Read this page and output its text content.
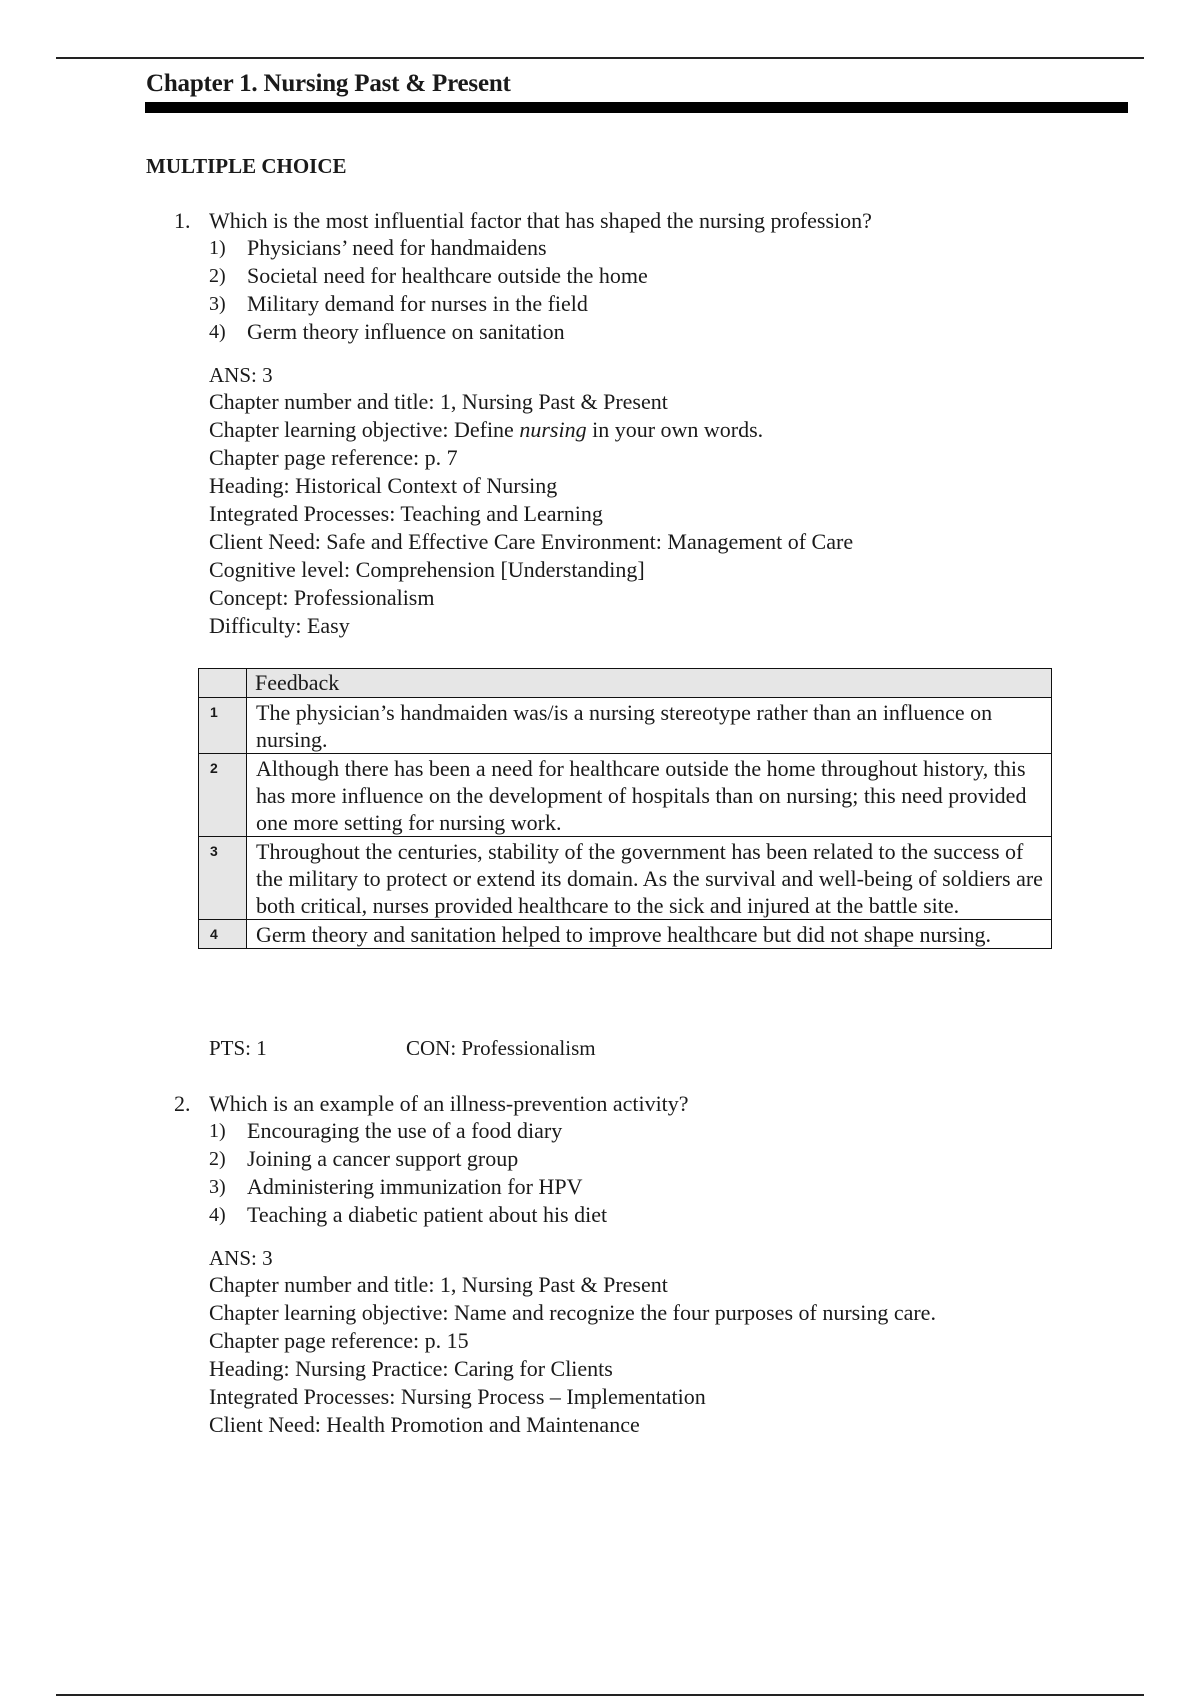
Chapter 1. Nursing Past & Present
MULTIPLE CHOICE
1. Which is the most influential factor that has shaped the nursing profession?
1) Physicians’ need for handmaidens
2) Societal need for healthcare outside the home
3) Military demand for nurses in the field
4) Germ theory influence on sanitation
ANS: 3
Chapter number and title: 1, Nursing Past & Present
Chapter learning objective: Define nursing in your own words.
Chapter page reference: p. 7
Heading: Historical Context of Nursing
Integrated Processes: Teaching and Learning
Client Need: Safe and Effective Care Environment: Management of Care
Cognitive level: Comprehension [Understanding]
Concept: Professionalism
Difficulty: Easy
	Feedback
1	The physician’s handmaiden was/is a nursing stereotype rather than an influence on nursing.
2	Although there has been a need for healthcare outside the home throughout history, this has more influence on the development of hospitals than on nursing; this need provided one more setting for nursing work.
3	Throughout the centuries, stability of the government has been related to the success of the military to protect or extend its domain. As the survival and well-being of soldiers are both critical, nurses provided healthcare to the sick and injured at the battle site.
4	Germ theory and sanitation helped to improve healthcare but did not shape nursing.
PTS: 1	CON: Professionalism
2. Which is an example of an illness-prevention activity?
1) Encouraging the use of a food diary
2) Joining a cancer support group
3) Administering immunization for HPV
4) Teaching a diabetic patient about his diet
ANS: 3
Chapter number and title: 1, Nursing Past & Present
Chapter learning objective: Name and recognize the four purposes of nursing care.
Chapter page reference: p. 15
Heading: Nursing Practice: Caring for Clients
Integrated Processes: Nursing Process – Implementation
Client Need: Health Promotion and Maintenance
